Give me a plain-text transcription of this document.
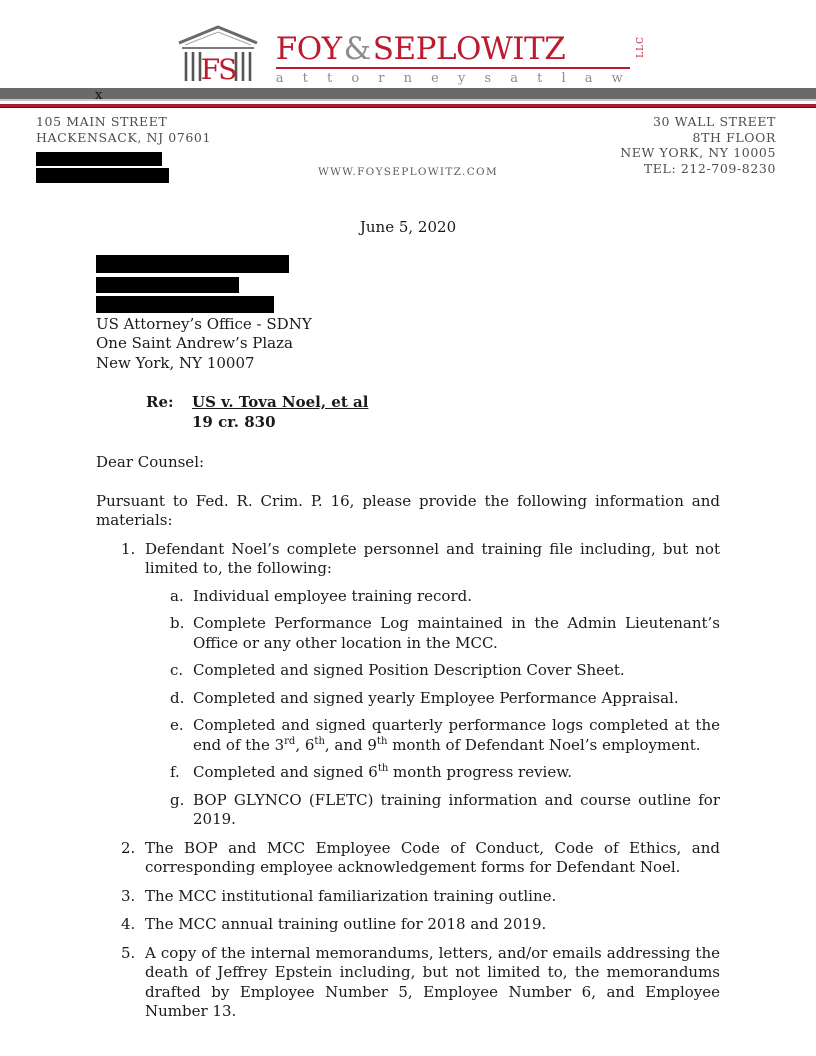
FS
FOY&SEPLOWITZ	LLC
a t t o r n e y s a t l a w
x
105 MAIN STREET
HACKENSACK, NJ 07601
WWW.FOYSEPLOWITZ.COM
30 WALL STREET
8TH FLOOR
NEW YORK, NY 10005
TEL: 212-709-8230
June 5, 2020
US Attorney’s Office - SDNY
One Saint Andrew’s Plaza
New York, NY 10007
Re:	US v. Tova Noel, et al
19 cr. 830
Dear Counsel:
Pursuant to Fed. R. Crim. P. 16, please provide the following information and materials:
1. Defendant Noel’s complete personnel and training file including, but not limited to, the following:
a. Individual employee training record.
b. Complete Performance Log maintained in the Admin Lieutenant’s Office or any other location in the MCC.
c. Completed and signed Position Description Cover Sheet.
d. Completed and signed yearly Employee Performance Appraisal.
e. Completed and signed quarterly performance logs completed at the end of the 3rd, 6th, and 9th month of Defendant Noel’s employment.
f. Completed and signed 6th month progress review.
g. BOP GLYNCO (FLETC) training information and course outline for 2019.
2. The BOP and MCC Employee Code of Conduct, Code of Ethics, and corresponding employee acknowledgement forms for Defendant Noel.
3. The MCC institutional familiarization training outline.
4. The MCC annual training outline for 2018 and 2019.
5. A copy of the internal memorandums, letters, and/or emails addressing the death of Jeffrey Epstein including, but not limited to, the memorandums drafted by Employee Number 5, Employee Number 6, and Employee Number 13.
